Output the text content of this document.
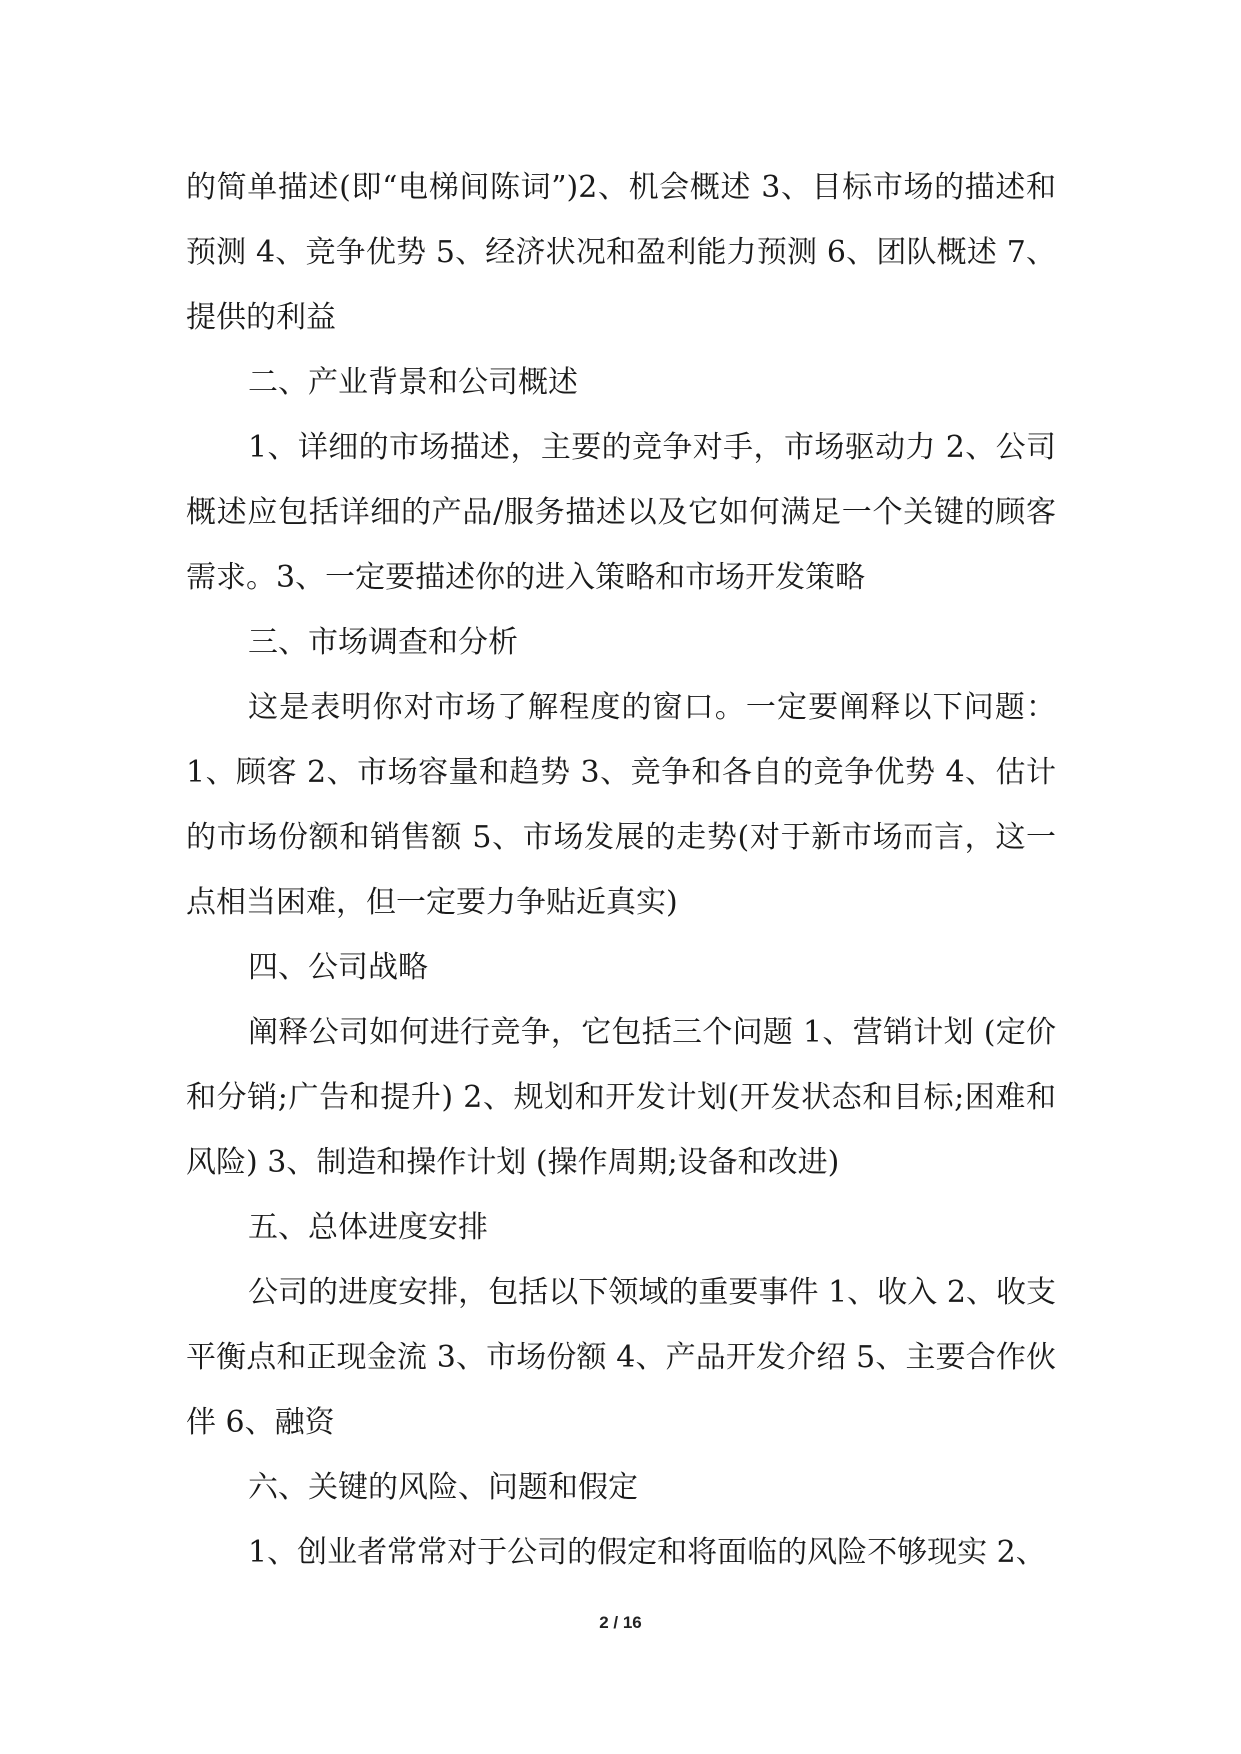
的简单描述(即“电梯间陈词”)2、机会概述 3、目标市场的描述和预测 4、竞争优势 5、经济状况和盈利能力预测 6、团队概述 7、提供的利益

二、产业背景和公司概述

1、详细的市场描述，主要的竞争对手，市场驱动力 2、公司概述应包括详细的产品/服务描述以及它如何满足一个关键的顾客需求。3、一定要描述你的进入策略和市场开发策略

三、市场调查和分析

这是表明你对市场了解程度的窗口。一定要阐释以下问题：1、顾客 2、市场容量和趋势 3、竞争和各自的竞争优势 4、估计的市场份额和销售额 5、市场发展的走势(对于新市场而言，这一点相当困难，但一定要力争贴近真实)

四、公司战略

阐释公司如何进行竞争，它包括三个问题 1、营销计划 (定价和分销;广告和提升) 2、规划和开发计划(开发状态和目标;困难和风险) 3、制造和操作计划 (操作周期;设备和改进)

五、总体进度安排

公司的进度安排，包括以下领域的重要事件 1、收入 2、收支平衡点和正现金流 3、市场份额 4、产品开发介绍 5、主要合作伙伴 6、融资

六、关键的风险、问题和假定

1、创业者常常对于公司的假定和将面临的风险不够现实 2、

2 / 16
